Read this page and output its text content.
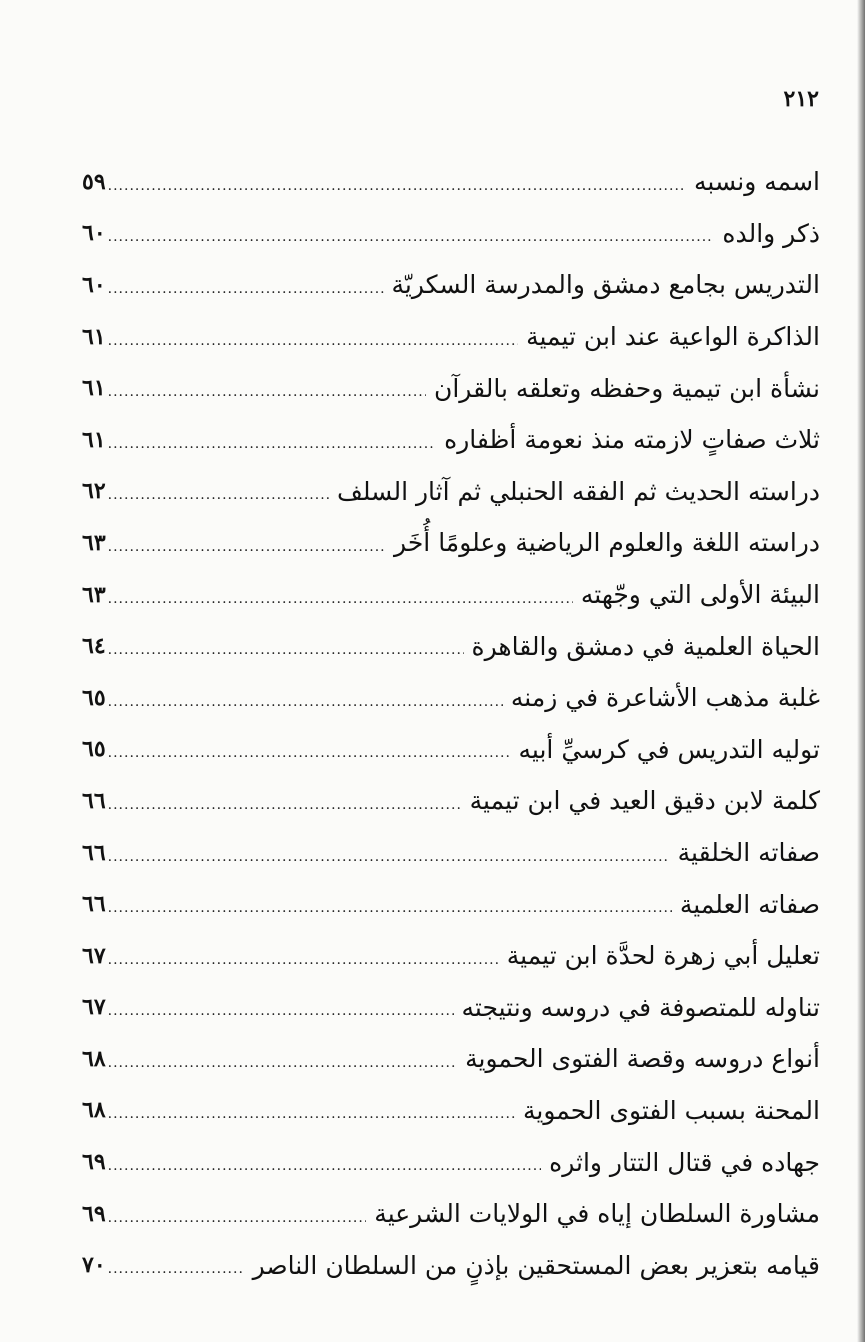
٢١٢
اسمه ونسبه
.....
٥٩
ذكر والده
.....
٦٠
التدريس بجامع دمشق والمدرسة السكريّة
.....
٦٠
الذاكرة الواعية عند ابن تيمية
.....
٦١
نشأة ابن تيمية وحفظه وتعلقه بالقرآن
.....
٦١
ثلاث صفاتٍ لازمته منذ نعومة أظفاره
.....
٦١
دراسته الحديث ثم الفقه الحنبلي ثم آثار السلف
.....
٦٢
دراسته اللغة والعلوم الرياضية وعلومًا أُخَر
.....
٦٣
البيئة الأولى التي وجّهته
.....
٦٣
الحياة العلمية في دمشق والقاهرة
.....
٦٤
غلبة مذهب الأشاعرة في زمنه
.....
٦٥
توليه التدريس في كرسيِّ أبيه
.....
٦٥
كلمة لابن دقيق العيد في ابن تيمية
.....
٦٦
صفاته الخلقية
.....
٦٦
صفاته العلمية
.....
٦٦
تعليل أبي زهرة لحدَّة ابن تيمية
.....
٦٧
تناوله للمتصوفة في دروسه ونتيجته
.....
٦٧
أنواع دروسه وقصة الفتوى الحموية
.....
٦٨
المحنة بسبب الفتوى الحموية
.....
٦٨
جهاده في قتال التتار واثره
.....
٦٩
مشاورة السلطان إياه في الولايات الشرعية
.....
٦٩
قيامه بتعزير بعض المستحقين بإذنٍ من السلطان الناصر
.....
٧٠
